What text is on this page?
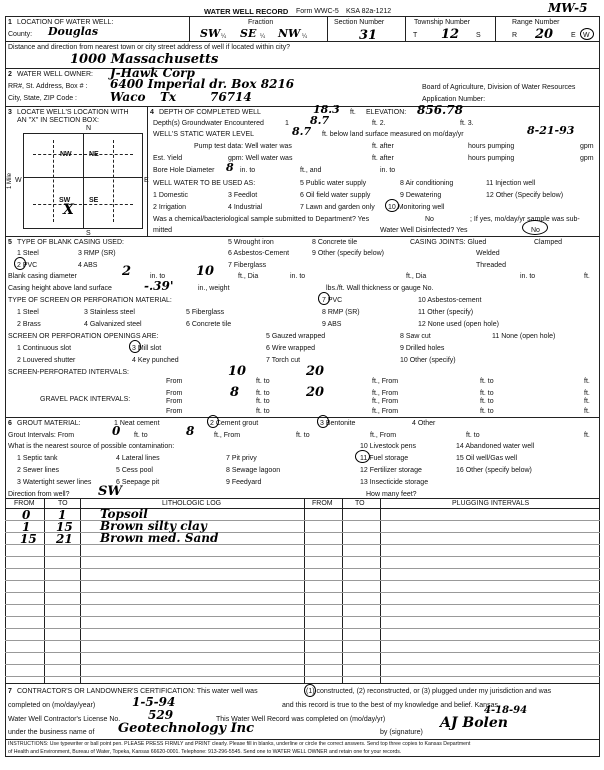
MW-5
WATER WELL RECORD Form WWC-5 KSA 82a-1212
1 LOCATION OF WATER WELL:
County: Douglas
Fraction
SW ¼ SE ¼ NW ¼
Section Number
31
Township Number
T 12 S
Range Number
R 20	E W
Distance and direction from nearest town or city street address of well if located within city?
1000 Massachusetts
2 WATER WELL OWNER: J-Hawk Corp
RR#, St. Address, Box # : 6400 Imperial dr. Box 8216
City, State, ZIP Code :	Waco Tx	76714
Board of Agriculture, Division of Water Resources
Application Number:
3 LOCATE WELL'S LOCATION WITH
AN "X" IN SECTION BOX:
N
NW NE
SW	SE
X
W	E
S
1 Mile
4 DEPTH OF COMPLETED WELL	18.3 ft. ELEVATION: 856.78
Depth(s) Groundwater Encountered	1 8.7	ft. 2.	ft. 3.
WELL'S STATIC WATER LEVEL	8.7 ft. below land surface measured on mo/day/yr	8-21-93
Pump test data: Well water was	ft. after	hours pumping	gpm
Est. Yield	gpm: Well water was	ft. after	hours pumping	gpm
Bore Hole Diameter 8 in. to	ft., and	in. to
WELL WATER TO BE USED AS:	11 Injection well
1 Domestic	3 Feedlot
5 Public water supply	8 Air conditioning
2 Irrigation	4 Industrial
6 Oil field water supply	9 Dewatering	12 Other (Specify below)
7 Lawn and garden only 10 Monitoring well
Was a chemical/bacteriological sample submitted to Department? Yes	No	; If yes, mo/day/yr sample was sub-
mitted	Water Well Disinfected? Yes	No
5 TYPE OF BLANK CASING USED:
1 Steel	3 RMP (SR)
5 Wrought iron	8 Concrete tile
2 PVC	4 ABS
6 Asbestos-Cement	9 Other (specify below)
7 Fiberglass
CASING JOINTS: Glued	Clamped
Welded
Threaded
Blank casing diameter	2	in. to 10	ft., Dia	in. to	ft., Dia	in. to	ft.
Casing height above land surface	-.39'	in., weight	lbs./ft. Wall thickness or gauge No.
TYPE OF SCREEN OR PERFORATION MATERIAL:
1 Steel	3 Stainless steel	5 Fiberglass
7 PVC	10 Asbestos-cement
2 Brass	4 Galvanized steel	6 Concrete tile
8 RMP (SR)	11 Other (specify)
9 ABS	12 None used (open hole)
SCREEN OR PERFORATION OPENINGS ARE:
1 Continuous slot	3 Mill slot
5 Gauzed wrapped	8 Saw cut	11 None (open hole)
2 Louvered shutter	4 Key punched
6 Wire wrapped	9 Drilled holes
7 Torch cut	10 Other (specify)
SCREEN-PERFORATED INTERVALS:
From
10
ft. to
20
ft., From	ft. to	ft.
From	ft. to	ft., From	ft. to	ft.
GRAVEL PACK INTERVALS:	From
8
ft. to
20
ft., From	ft. to	ft.
From	ft. to	ft., From	ft. to	ft.
6 GROUT MATERIAL:	1 Neat cement	2 Cement grout	3 Bentonite	4 Other
Grout Intervals: From	0 ft. to	8	ft., From	ft. to	ft., From	ft. to	ft.
What is the nearest source of possible contamination:	10 Livestock pens	14 Abandoned water well
1 Septic tank	4 Lateral lines	7 Pit privy	11 Fuel storage	15 Oil well/Gas well
2 Sewer lines	5 Cess pool	8 Sewage lagoon	12 Fertilizer storage	16 Other (specify below)
3 Watertight sewer lines	6 Seepage pit	9 Feedyard	13 Insecticide storage
Direction from well? SW	How many feet?
FROM	TO	LITHOLOGIC LOG	FROM	TO	PLUGGING INTERVALS
0 1	Topsoil
1 15 Brown silty clay
15 21 Brown med. Sand
7 CONTRACTOR'S OR LANDOWNER'S CERTIFICATION: This water well was	(1) constructed, (2) reconstructed, or (3) plugged under my jurisdiction and was
completed on (mo/day/year)	1-5-94	and this record is true to the best of my knowledge and belief. Kansas
Water Well Contractor's License No. 529	This Water Well Record was completed on (mo/day/yr)
4-18-94
under the business name of Geotechnology Inc	by (signature)
AJ Bolen
INSTRUCTIONS: Use typewriter or ball point pen. PLEASE PRESS FIRMLY and PRINT clearly. Please fill in blanks, underline or circle the correct answers. Send top three copies to Kansas Department
of Health and Environment, Bureau of Water, Topeka, Kansas 66620-0001. Telephone: 913-296-5545. Send one to WATER WELL OWNER and retain one for your records.
